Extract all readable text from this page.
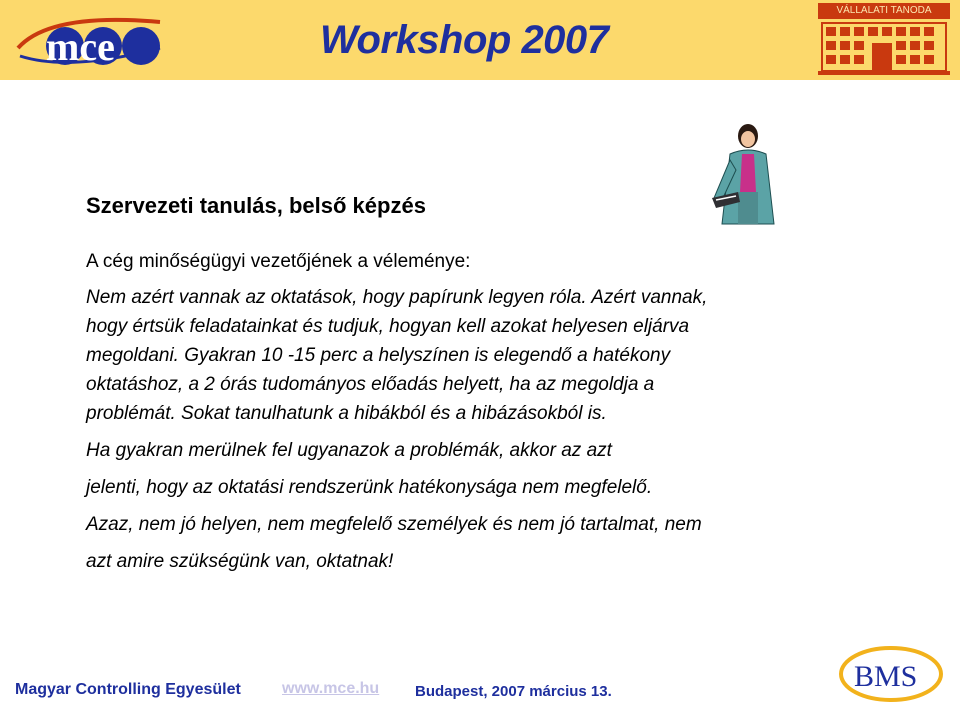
mce	Workshop 2007
VÁLLALATI TANODA
Szervezeti tanulás, belső képzés
A cég minőségügyi vezetőjének a véleménye:
Nem azért vannak az oktatások, hogy papírunk legyen róla. Azért vannak,
hogy értsük feladatainkat és tudjuk, hogyan kell azokat helyesen eljárva
megoldani. Gyakran 10 -15 perc a helyszínen is elegendő a hatékony
oktatáshoz, a 2 órás tudományos előadás helyett, ha az megoldja a
problémát. Sokat tanulhatunk a hibákból és a hibázásokból is.
Ha gyakran merülnek fel ugyanazok a problémák, akkor az azt
jelenti, hogy az oktatási rendszerünk hatékonysága nem megfelelő.
Azaz, nem jó helyen, nem megfelelő személyek és nem jó tartalmat, nem
azt amire szükségünk van, oktatnak!
Magyar Controlling Egyesület	www.mce.hu Budapest, 2007 március 13.	BMS
